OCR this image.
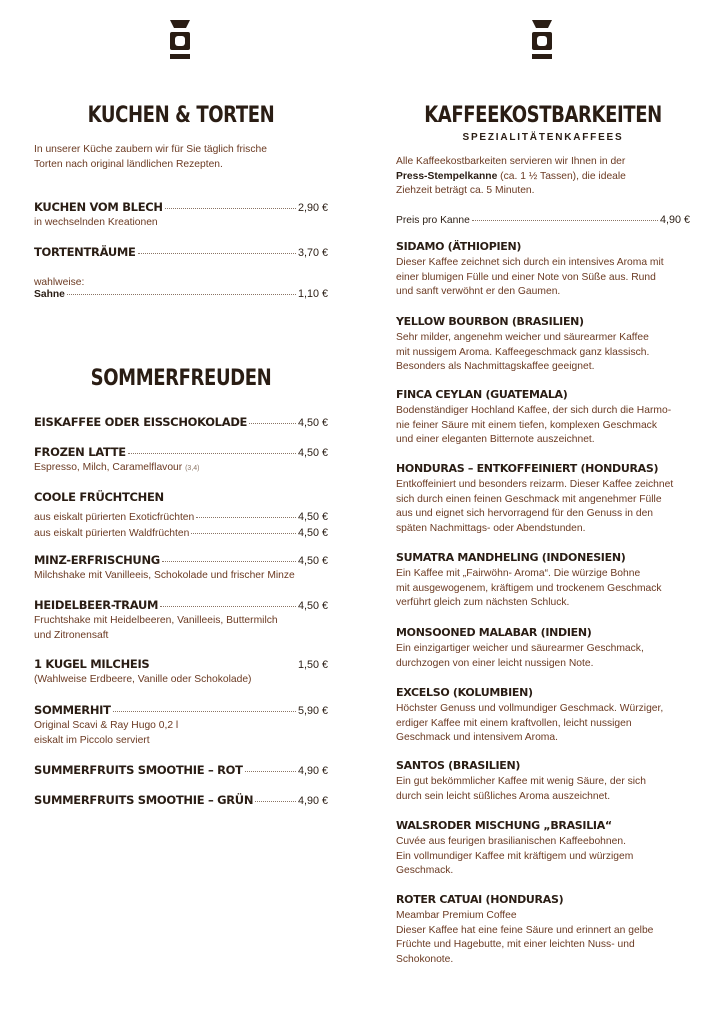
KUCHEN & TORTEN
In unserer Küche zaubern wir für Sie täglich frische
Torten nach original ländlichen Rezepten.
KUCHEN VOM BLECH	2,90 €
in wechselnden Kreationen
TORTENTRÄUME	3,70 €
wahlweise:
Sahne	1,10 €
SOMMERFREUDEN
EISKAFFEE ODER EISSCHOKOLADE	4,50 €
FROZEN LATTE	4,50 €
Espresso, Milch, Caramelflavour (3,4)
COOLE FRÜCHTCHEN
aus eiskalt pürierten Exoticfrüchten	4,50 €
aus eiskalt pürierten Waldfrüchten	4,50 €
MINZ-ERFRISCHUNG	4,50 €
Milchshake mit Vanilleeis, Schokolade und frischer Minze
HEIDELBEER-TRAUM	4,50 €
Fruchtshake mit Heidelbeeren, Vanilleeis, Buttermilch
und Zitronensaft
1 KUGEL MILCHEIS	1,50 €
(Wahlweise Erdbeere, Vanille oder Schokolade)
SOMMERHIT	5,90 €
Original Scavi & Ray Hugo 0,2 l
eiskalt im Piccolo serviert
SUMMERFRUITS SMOOTHIE – ROT	4,90 €
SUMMERFRUITS SMOOTHIE – GRÜN	4,90 €
KAFFEEKOSTBARKEITEN
SPEZIALITÄTENKAFFEES
Alle Kaffeekostbarkeiten servieren wir Ihnen in der
Press-Stempelkanne (ca. 1 ½ Tassen), die ideale
Ziehzeit beträgt ca. 5 Minuten.
Preis pro Kanne	4,90 €
SIDAMO (ÄTHIOPIEN)
Dieser Kaffee zeichnet sich durch ein intensives Aroma mit
einer blumigen Fülle und einer Note von Süße aus. Rund
und sanft verwöhnt er den Gaumen.
YELLOW BOURBON (BRASILIEN)
Sehr milder, angenehm weicher und säurearmer Kaffee
mit nussigem Aroma. Kaffeegeschmack ganz klassisch.
Besonders als Nachmittagskaffee geeignet.
FINCA CEYLAN (GUATEMALA)
Bodenständiger Hochland Kaffee, der sich durch die Harmo-
nie feiner Säure mit einem tiefen, komplexen Geschmack
und einer eleganten Bitternote auszeichnet.
HONDURAS – ENTKOFFEINIERT (HONDURAS)
Entkoffeiniert und besonders reizarm. Dieser Kaffee zeichnet
sich durch einen feinen Geschmack mit angenehmer Fülle
aus und eignet sich hervorragend für den Genuss in den
späten Nachmittags- oder Abendstunden.
SUMATRA MANDHELING (INDONESIEN)
Ein Kaffee mit „Fairwöhn- Aroma“. Die würzige Bohne
mit ausgewogenem, kräftigem und trockenem Geschmack
verführt gleich zum nächsten Schluck.
MONSOONED MALABAR (INDIEN)
Ein einzigartiger weicher und säurearmer Geschmack,
durchzogen von einer leicht nussigen Note.
EXCELSO (KOLUMBIEN)
Höchster Genuss und vollmundiger Geschmack. Würziger,
erdiger Kaffee mit einem kraftvollen, leicht nussigen
Geschmack und intensivem Aroma.
SANTOS (BRASILIEN)
Ein gut bekömmlicher Kaffee mit wenig Säure, der sich
durch sein leicht süßliches Aroma auszeichnet.
WALSRODER MISCHUNG „BRASILIA“
Cuvée aus feurigen brasilianischen Kaffeebohnen.
Ein vollmundiger Kaffee mit kräftigem und würzigem
Geschmack.
ROTER CATUAI (HONDURAS)
Meambar Premium Coffee
Dieser Kaffee hat eine feine Säure und erinnert an gelbe
Früchte und Hagebutte, mit einer leichten Nuss- und
Schokonote.
